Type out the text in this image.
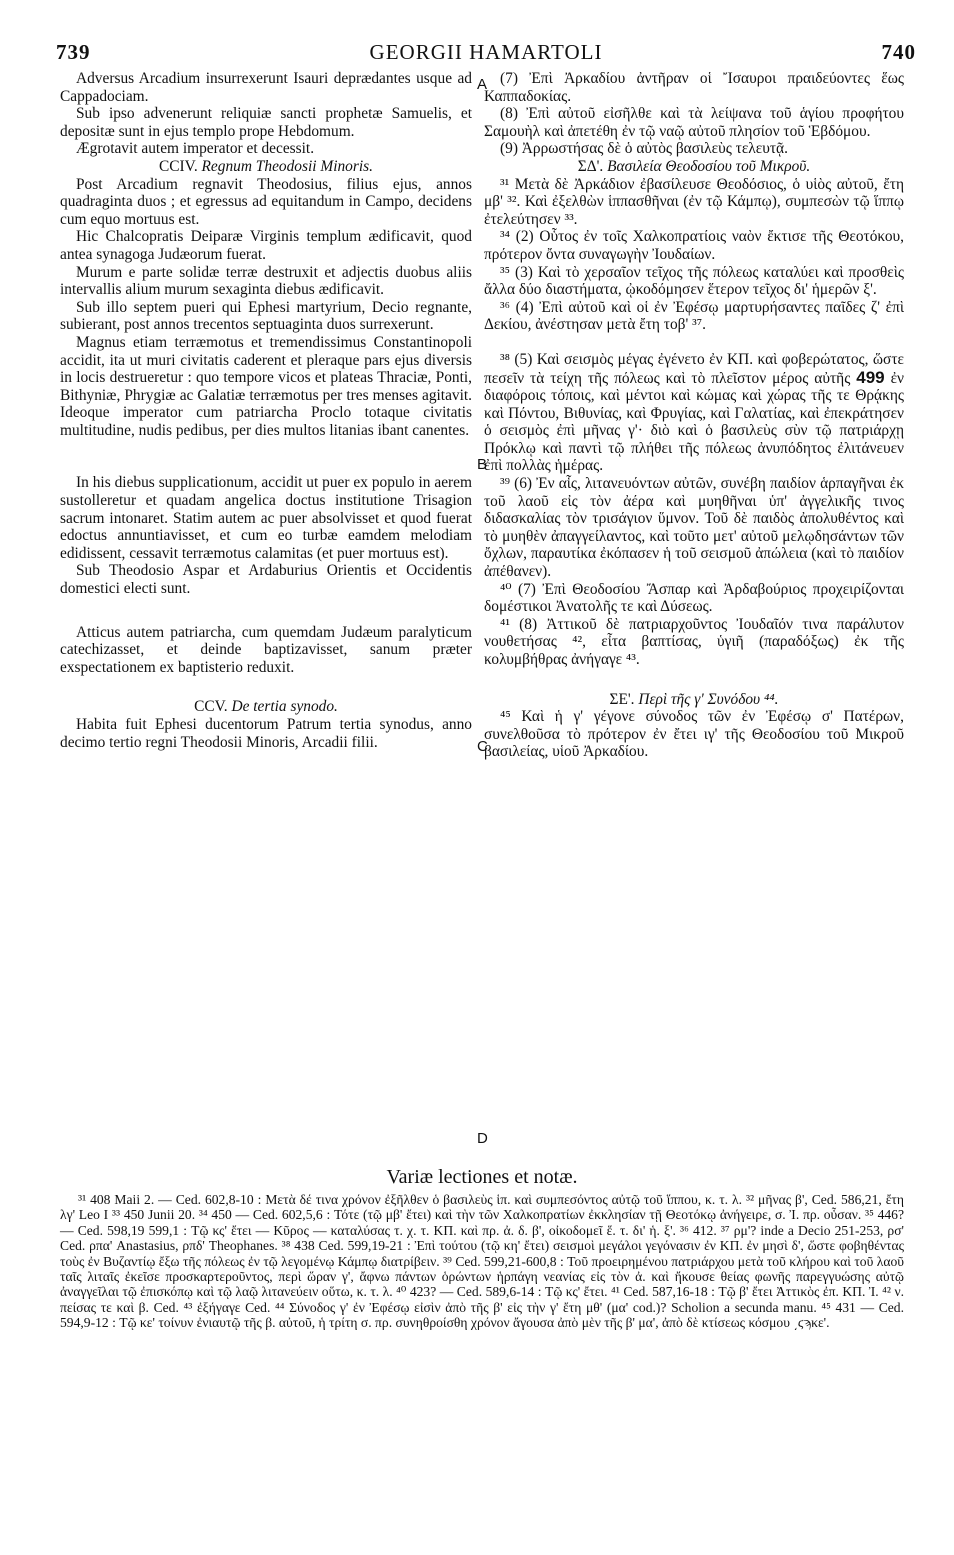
739	GEORGII HAMARTOLI	740
A
B
C
D

Adversus Arcadium insurrexerunt Isauri deprædantes usque ad Cappadociam.

Sub ipso advenerunt reliquiæ sancti prophetæ Samuelis, et depositæ sunt in ejus templo prope Hebdomum.

Ægrotavit autem imperator et decessit.

CCIV. Regnum Theodosii Minoris.

Post Arcadium regnavit Theodosius, filius ejus, annos quadraginta duos ; et egressus ad equitandum in Campo, decidens cum equo mortuus est.

Hic Chalcopratis Deiparæ Virginis templum ædificavit, quod antea synagoga Judæorum fuerat.

Murum e parte solidæ terræ destruxit et adjectis duobus aliis intervallis alium murum sexaginta diebus ædificavit.

Sub illo septem pueri qui Ephesi martyrium, Decio regnante, subierant, post annos trecentos septuaginta duos surrexerunt.

Magnus etiam terræmotus et tremendissimus Constantinopoli accidit, ita ut muri civitatis caderent et pleraque pars ejus diversis in locis destrueretur : quo tempore vicos et plateas Thraciæ, Ponti, Bithyniæ, Phrygiæ ac Galatiæ terræmotus per tres menses agitavit. Ideoque imperator cum patriarcha Proclo totaque civitatis multitudine, nudis pedibus, per dies multos litanias ibant canentes.

In his diebus supplicationum, accidit ut puer ex populo in aerem sustolleretur et quadam angelica doctus institutione Trisagion sacrum intonaret. Statim autem ac puer absolvisset et quod fuerat edoctus annuntiavisset, et cum eo turbæ eamdem melodiam edidissent, cessavit terræmotus calamitas (et puer mortuus est).

Sub Theodosio Aspar et Ardaburius Orientis et Occidentis domestici electi sunt.

Atticus autem patriarcha, cum quemdam Judæum paralyticum catechizasset, et deinde baptizavisset, sanum præter exspectationem ex baptisterio reduxit.

CCV. De tertia synodo.

Habita fuit Ephesi ducentorum Patrum tertia synodus, anno decimo tertio regni Theodosii Minoris, Arcadii filii.

(7) Ἐπὶ Ἀρκαδίου ἀντῆραν οἱ Ἴσαυροι πραιδεύοντες ἕως Καππαδοκίας.

(8) Ἐπὶ αὐτοῦ εἰσῆλθε καὶ τὰ λείψανα τοῦ ἁγίου προφήτου Σαμουὴλ καὶ ἀπετέθη ἐν τῷ ναῷ αὐτοῦ πλησίον τοῦ Ἑβδόμου.

(9) Ἀρρωστήσας δὲ ὁ αὐτὸς βασιλεὺς τελευτᾷ.

ΣΔ'. Βασιλεία Θεοδοσίου τοῦ Μικροῦ.

³¹ Μετὰ δὲ Ἀρκάδιον ἐβασίλευσε Θεοδόσιος, ὁ υἱὸς αὐτοῦ, ἔτη μβ' ³². Καὶ ἐξελθὼν ἱππασθῆναι (ἐν τῷ Κάμπῳ), συμπεσὼν τῷ ἵππῳ ἐτελεύτησεν ³³.

³⁴ (2) Οὗτος ἐν τοῖς Χαλκοπρατίοις ναὸν ἔκτισε τῆς Θεοτόκου, πρότερον ὄντα συναγωγὴν Ἰουδαίων.

³⁵ (3) Καὶ τὸ χερσαῖον τεῖχος τῆς πόλεως καταλύει καὶ προσθεὶς ἄλλα δύο διαστήματα, ᾠκοδόμησεν ἕτερον τεῖχος δι' ἡμερῶν ξ'.

³⁶ (4) Ἐπὶ αὐτοῦ καὶ οἱ ἐν Ἐφέσῳ μαρτυρήσαντες παῖδες ζ' ἐπὶ Δεκίου, ἀνέστησαν μετὰ ἔτη τοβ' ³⁷.

³⁸ (5) Καὶ σεισμὸς μέγας ἐγένετο ἐν ΚΠ. καὶ φοβερώτατος, ὥστε πεσεῖν τὰ τείχη τῆς πόλεως καὶ τὸ πλεῖστον μέρος αὐτῆς 499 ἐν διαφόροις τόποις, καὶ μέντοι καὶ κώμας καὶ χώρας τῆς τε Θρᾴκης καὶ Πόντου, Βιθυνίας, καὶ Φρυγίας, καὶ Γαλατίας, καὶ ἐπεκράτησεν ὁ σεισμὸς ἐπὶ μῆνας γ'· διὸ καὶ ὁ βασιλεὺς σὺν τῷ πατριάρχῃ Πρόκλῳ καὶ παντὶ τῷ πλήθει τῆς πόλεως ἀνυπόδητος ἐλιτάνευεν ἐπὶ πολλὰς ἡμέρας.

³⁹ (6) Ἐν αἷς, λιτανευόντων αὐτῶν, συνέβη παιδίον ἁρπαγῆναι ἐκ τοῦ λαοῦ εἰς τὸν ἀέρα καὶ μυηθῆναι ὑπ' ἀγγελικῆς τινος διδασκαλίας τὸν τρισάγιον ὕμνον. Τοῦ δὲ παιδὸς ἀπολυθέντος καὶ τὸ μυηθὲν ἀπαγγείλαντος, καὶ τοῦτο μετ' αὐτοῦ μελῳδησάντων τῶν ὄχλων, παραυτίκα ἐκόπασεν ἡ τοῦ σεισμοῦ ἀπώλεια (καὶ τὸ παιδίον ἀπέθανεν).

⁴⁰ (7) Ἐπὶ Θεοδοσίου Ἄσπαρ καὶ Ἀρδαβούριος προχειρίζονται δομέστικοι Ἀνατολῆς τε καὶ Δύσεως.

⁴¹ (8) Ἀττικοῦ δὲ πατριαρχοῦντος Ἰουδαῖόν τινα παράλυτον νουθετήσας ⁴², εἶτα βαπτίσας, ὑγιῆ (παραδόξως) ἐκ τῆς κολυμβήθρας ἀνήγαγε ⁴³.

ΣΕ'. Περὶ τῆς γ' Συνόδου ⁴⁴.

⁴⁵ Καὶ ἡ γ' γέγονε σύνοδος τῶν ἐν Ἐφέσῳ σ' Πατέρων, συνελθοῦσα τὸ πρότερον ἐν ἔτει ιγ' τῆς Θεοδοσίου τοῦ Μικροῦ βασιλείας, υἱοῦ Ἀρκαδίου.

Variæ lectiones et notæ.

³¹ 408 Maii 2. — Ced. 602,8-10 : Μετὰ δέ τινα χρόνον ἐξῆλθεν ὁ βασιλεὺς ἱπ. καὶ συμπεσόντος αὐτῷ τοῦ ἵππου, κ. τ. λ. ³² μῆνας β', Ced. 586,21, ἔτη λγ' Leo I ³³ 450 Junii 20. ³⁴ 450 — Ced. 602,5,6 : Τότε (τῷ μβ' ἔτει) καὶ τὴν τῶν Χαλκοπρατίων ἐκκλησίαν τῇ Θεοτόκῳ ἀνήγειρε, σ. Ἰ. πρ. οὖσαν. ³⁵ 446? — Ced. 598,19 599,1 : Τῷ κς' ἔτει — Κῦρος — καταλύσας τ. χ. τ. ΚΠ. καὶ πρ. ἀ. δ. β', οἰκοδομεῖ ἕ. τ. δι' ἡ. ξ'. ³⁶ 412. ³⁷ ρμ'? inde a Decio 251-253, ρσ' Ced. ρπα' Anastasius, ρπδ' Theophanes. ³⁸ 438 Ced. 599,19-21 : Ἐπὶ τούτου (τῷ κη' ἔτει) σεισμοὶ μεγάλοι γεγόνασιν ἐν ΚΠ. ἐν μησὶ δ', ὥστε φοβηθέντας τοὺς ἐν Βυζαντίῳ ἔξω τῆς πόλεως ἐν τῷ λεγομένῳ Κάμπῳ διατρίβειν. ³⁹ Ced. 599,21-600,8 : Τοῦ προειρημένου πατριάρχου μετὰ τοῦ κλήρου καὶ τοῦ λαοῦ ταῖς λιταῖς ἐκεῖσε προσκαρτεροῦντος, περὶ ὥραν γ', ἄφνω πάντων ὁρώντων ἡρπάγη νεανίας εἰς τὸν ἀ. καὶ ἤκουσε θείας φωνῆς παρεγγυώσης αὐτῷ ἀναγγεῖλαι τῷ ἐπισκόπῳ καὶ τῷ λαῷ λιτανεύειν οὕτω, κ. τ. λ. ⁴⁰ 423? — Ced. 589,6-14 : Τῷ κς' ἔτει. ⁴¹ Ced. 587,16-18 : Τῷ β' ἔτει Ἀττικὸς ἐπ. ΚΠ. Ἰ. ⁴² ν. πείσας τε καὶ β. Ced. ⁴³ ἐξήγαγε Ced. ⁴⁴ Σύνοδος γ' ἐν Ἐφέσῳ εἰσὶν ἀπὸ τῆς β' εἰς τὴν γ' ἔτη μθ' (μα' cod.)? Scholion a secunda manu. ⁴⁵ 431 — Ced. 594,9-12 : Τῷ κε' τοίνυν ἐνιαυτῷ τῆς β. αὐτοῦ, ἡ τρίτη σ. πρ. συνηθροίσθη χρόνον ἄγουσα ἀπὸ μὲν τῆς β' μα', ἀπὸ δὲ κτίσεως κόσμου ͵ϛϡκε'.
